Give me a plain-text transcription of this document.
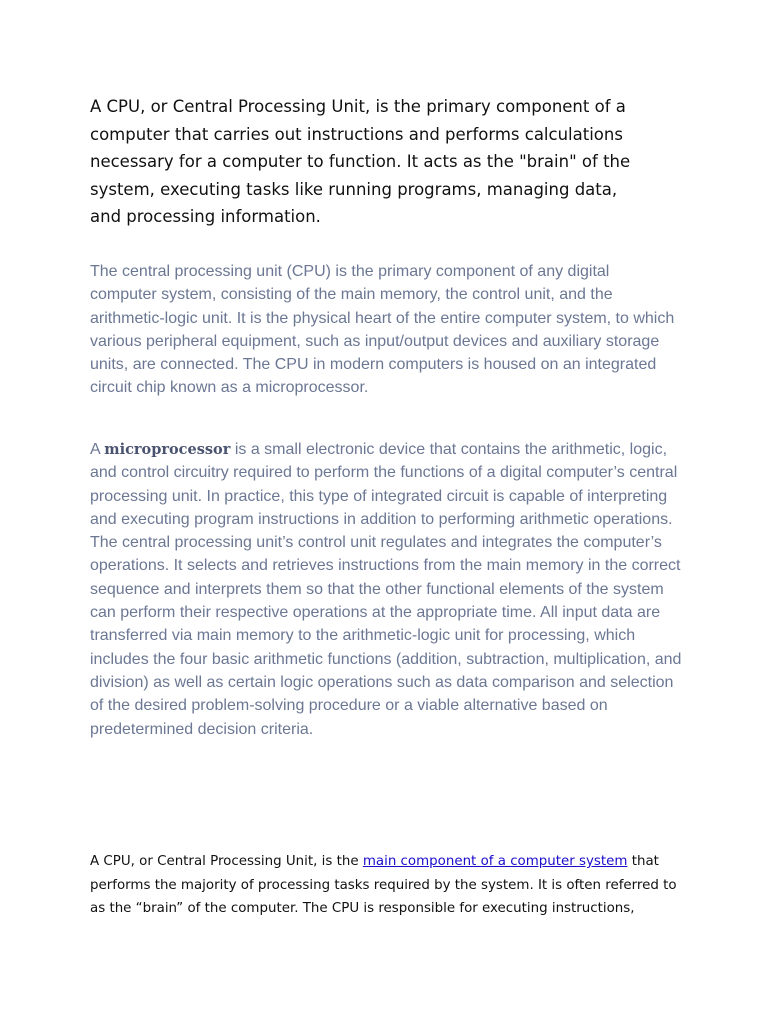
A CPU, or Central Processing Unit, is the primary component of a computer that carries out instructions and performs calculations necessary for a computer to function. It acts as the "brain" of the system, executing tasks like running programs, managing data, and processing information.

The central processing unit (CPU) is the primary component of any digital computer system, consisting of the main memory, the control unit, and the arithmetic-logic unit. It is the physical heart of the entire computer system, to which various peripheral equipment, such as input/output devices and auxiliary storage units, are connected. The CPU in modern computers is housed on an integrated circuit chip known as a microprocessor.

A microprocessor is a small electronic device that contains the arithmetic, logic, and control circuitry required to perform the functions of a digital computer’s central processing unit. In practice, this type of integrated circuit is capable of interpreting and executing program instructions in addition to performing arithmetic operations.
The central processing unit’s control unit regulates and integrates the computer’s operations. It selects and retrieves instructions from the main memory in the correct sequence and interprets them so that the other functional elements of the system can perform their respective operations at the appropriate time. All input data are transferred via main memory to the arithmetic-logic unit for processing, which includes the four basic arithmetic functions (addition, subtraction, multiplication, and division) as well as certain logic operations such as data comparison and selection of the desired problem-solving procedure or a viable alternative based on predetermined decision criteria.

A CPU, or Central Processing Unit, is the main component of a computer system that performs the majority of processing tasks required by the system. It is often referred to as the “brain” of the computer. The CPU is responsible for executing instructions,
